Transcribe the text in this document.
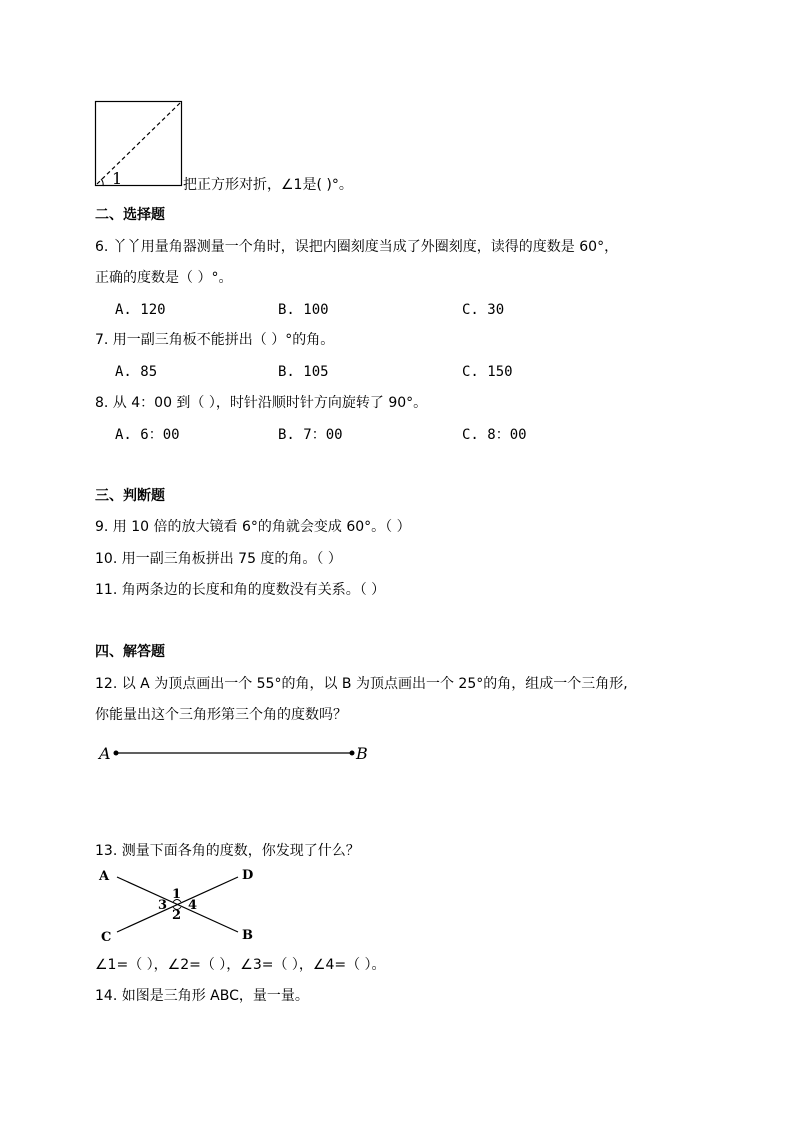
1	把正方形对折，∠1是( )°。
二、选择题
6. 丫丫用量角器测量一个角时，误把内圈刻度当成了外圈刻度，读得的度数是 60°，
正确的度数是（ ）°。
A. 120	B. 100	C. 30
7. 用一副三角板不能拼出（ ）°的角。
A. 85	B. 105	C. 150
8. 从 4：00 到（ ），时针沿顺时针方向旋转了 90°。
A. 6：00	B. 7：00	C. 8：00
三、判断题
9. 用 10 倍的放大镜看 6°的角就会变成 60°。（ ）
10. 用一副三角板拼出 75 度的角。（ ）
11. 角两条边的长度和角的度数没有关系。（ ）
四、解答题
12. 以 A 为顶点画出一个 55°的角，以 B 为顶点画出一个 25°的角，组成一个三角形,
你能量出这个三角形第三个角的度数吗？
A	B
13. 测量下面各角的度数，你发现了什么？
A	D
C	B
1
2
3 4
∠1=（ ），∠2=（ ），∠3=（ ），∠4=（ ）。
14. 如图是三角形 ABC，量一量。
